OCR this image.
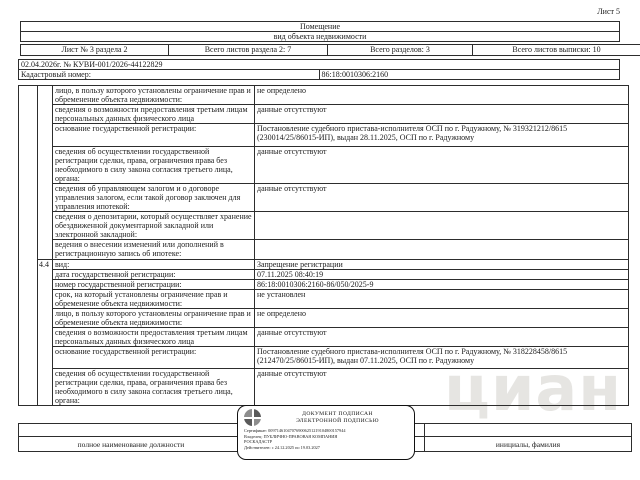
циан
Лист 5
Помещение
вид объекта недвижимости
Лист № 3 раздела 2	Всего листов раздела 2: 7	Всего разделов: 3	Всего листов выписки: 10
02.04.2026г. № КУВИ-001/2026-44122829
Кадастровый номер:	86:18:0010306:2160
		лицо, в пользу которого установлены ограничение прав и обременение объекта недвижимости:	не определено
		сведения о возможности предоставления третьим лицам персональных данных физического лица	данные отсутствуют
		основание государственной регистрации:	Постановление судебного пристава-исполнителя ОСП по г. Радужному, № 319321212/8615 (230014/25/86015-ИП), выдан 28.11.2025, ОСП по г. Радужному
		сведения об осуществлении государственной регистрации сделки, права, ограничения права без необходимого в силу закона согласия третьего лица, органа:	данные отсутствуют
		сведения об управляющем залогом и о договоре управления залогом, если такой договор заключен для управления ипотекой:	данные отсутствуют
		сведения о депозитарии, который осуществляет хранение обездвиженной документарной закладной или электронной закладной:	
		ведения о внесении изменений или дополнений в регистрационную запись об ипотеке:	
	4.4	вид:	Запрещение регистрации
		дата государственной регистрации:	07.11.2025 08:40:19
		номер государственной регистрации:	86:18:0010306:2160-86/050/2025-9
		срок, на который установлены ограничение прав и обременение объекта недвижимости:	не установлен
		лицо, в пользу которого установлены ограничение прав и обременение объекта недвижимости:	не определено
		сведения о возможности предоставления третьим лицам персональных данных физического лица	данные отсутствуют
		основание государственной регистрации:	Постановление судебного пристава-исполнителя ОСП по г. Радужному, № 318228458/8615 (212470/25/86015-ИП), выдан 07.11.2025, ОСП по г. Радужному
		сведения об осуществлении государственной регистрации сделки, права, ограничения права без необходимого в силу закона согласия третьего лица, органа:	данные отсутствуют

полное наименование должности		инициалы, фамилия
ДОКУМЕНТ ПОДПИСАН
ЭЛЕКТРОННОЙ ПОДПИСЬЮ
Сертификат: 009714610470769006251219104800157944
Владелец: ПУБЛИЧНО-ПРАВОВАЯ КОМПАНИЯ
РОСКАДАСТР
Действителен: с 24.12.2025 по 19.03.2027
